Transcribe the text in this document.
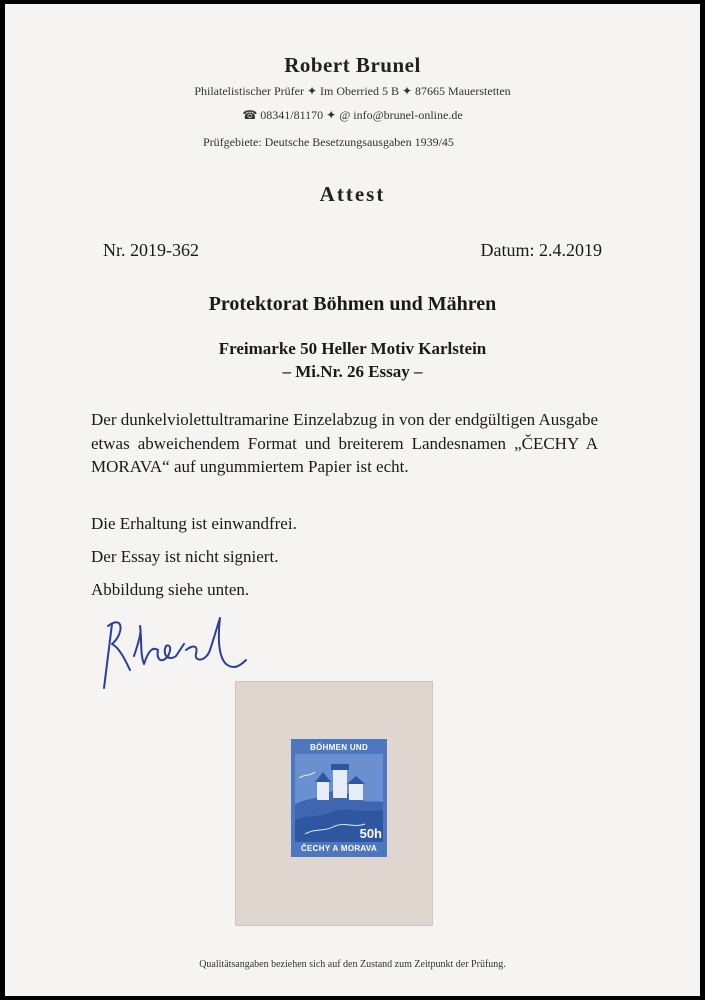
Robert Brunel
Philatelistischer Prüfer ✦ Im Oberried 5 B ✦ 87665 Mauerstetten
☎ 08341/81170 ✦ @ info@brunel-online.de
Prüfgebiete: Deutsche Besetzungsausgaben 1939/45
Attest
Nr. 2019-362	Datum: 2.4.2019
Protektorat Böhmen und Mähren
Freimarke 50 Heller Motiv Karlstein
– Mi.Nr. 26 Essay –
Der dunkelviolettultramarine Einzelabzug in von der endgültigen Ausgabe etwas abweichendem Format und breiterem Landesnamen „ČECHY A MORAVA“ auf ungummiertem Papier ist echt.
Die Erhaltung ist einwandfrei.
Der Essay ist nicht signiert.
Abbildung siehe unten.
BÖHMEN UND
50h
ČECHY A MORAVA
Qualitätsangaben beziehen sich auf den Zustand zum Zeitpunkt der Prüfung.
